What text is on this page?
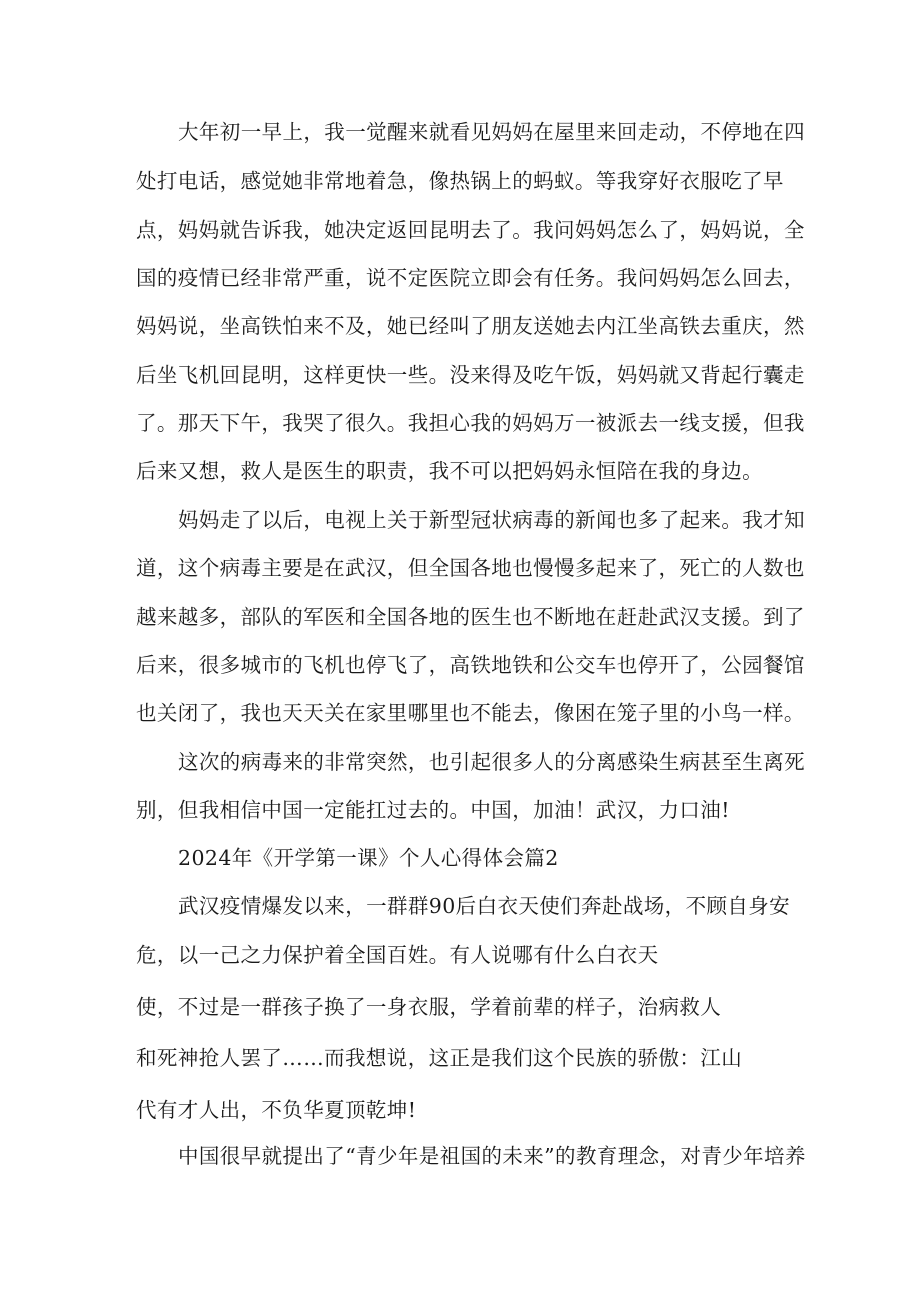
大年初一早上，我一觉醒来就看见妈妈在屋里来回走动，不停地在四
处打电话，感觉她非常地着急，像热锅上的蚂蚁。等我穿好衣服吃了早
点，妈妈就告诉我，她决定返回昆明去了。我问妈妈怎么了，妈妈说，全
国的疫情已经非常严重，说不定医院立即会有任务。我问妈妈怎么回去，
妈妈说，坐高铁怕来不及，她已经叫了朋友送她去内江坐高铁去重庆，然
后坐飞机回昆明，这样更快一些。没来得及吃午饭，妈妈就又背起行囊走
了。那天下午，我哭了很久。我担心我的妈妈万一被派去一线支援，但我
后来又想，救人是医生的职责，我不可以把妈妈永恒陪在我的身边。
妈妈走了以后，电视上关于新型冠状病毒的新闻也多了起来。我才知
道，这个病毒主要是在武汉，但全国各地也慢慢多起来了，死亡的人数也
越来越多，部队的军医和全国各地的医生也不断地在赶赴武汉支援。到了
后来，很多城市的飞机也停飞了，高铁地铁和公交车也停开了，公园餐馆
也关闭了，我也天天关在家里哪里也不能去，像困在笼子里的小鸟一样。
这次的病毒来的非常突然，也引起很多人的分离感染生病甚至生离死
别，但我相信中国一定能扛过去的。中国，加油！武汉，力口油!
2024年《开学第一课》个人心得体会篇2
武汉疫情爆发以来，一群群90后白衣天使们奔赴战场，不顾自身安
危，以一己之力保护着全国百姓。有人说哪有什么白衣天
使，不过是一群孩子换了一身衣服，学着前辈的样子，治病救人
和死神抢人罢了……而我想说，这正是我们这个民族的骄傲：江山
代有才人出，不负华夏顶乾坤!
中国很早就提出了“青少年是祖国的未来”的教育理念，对青少年培养
